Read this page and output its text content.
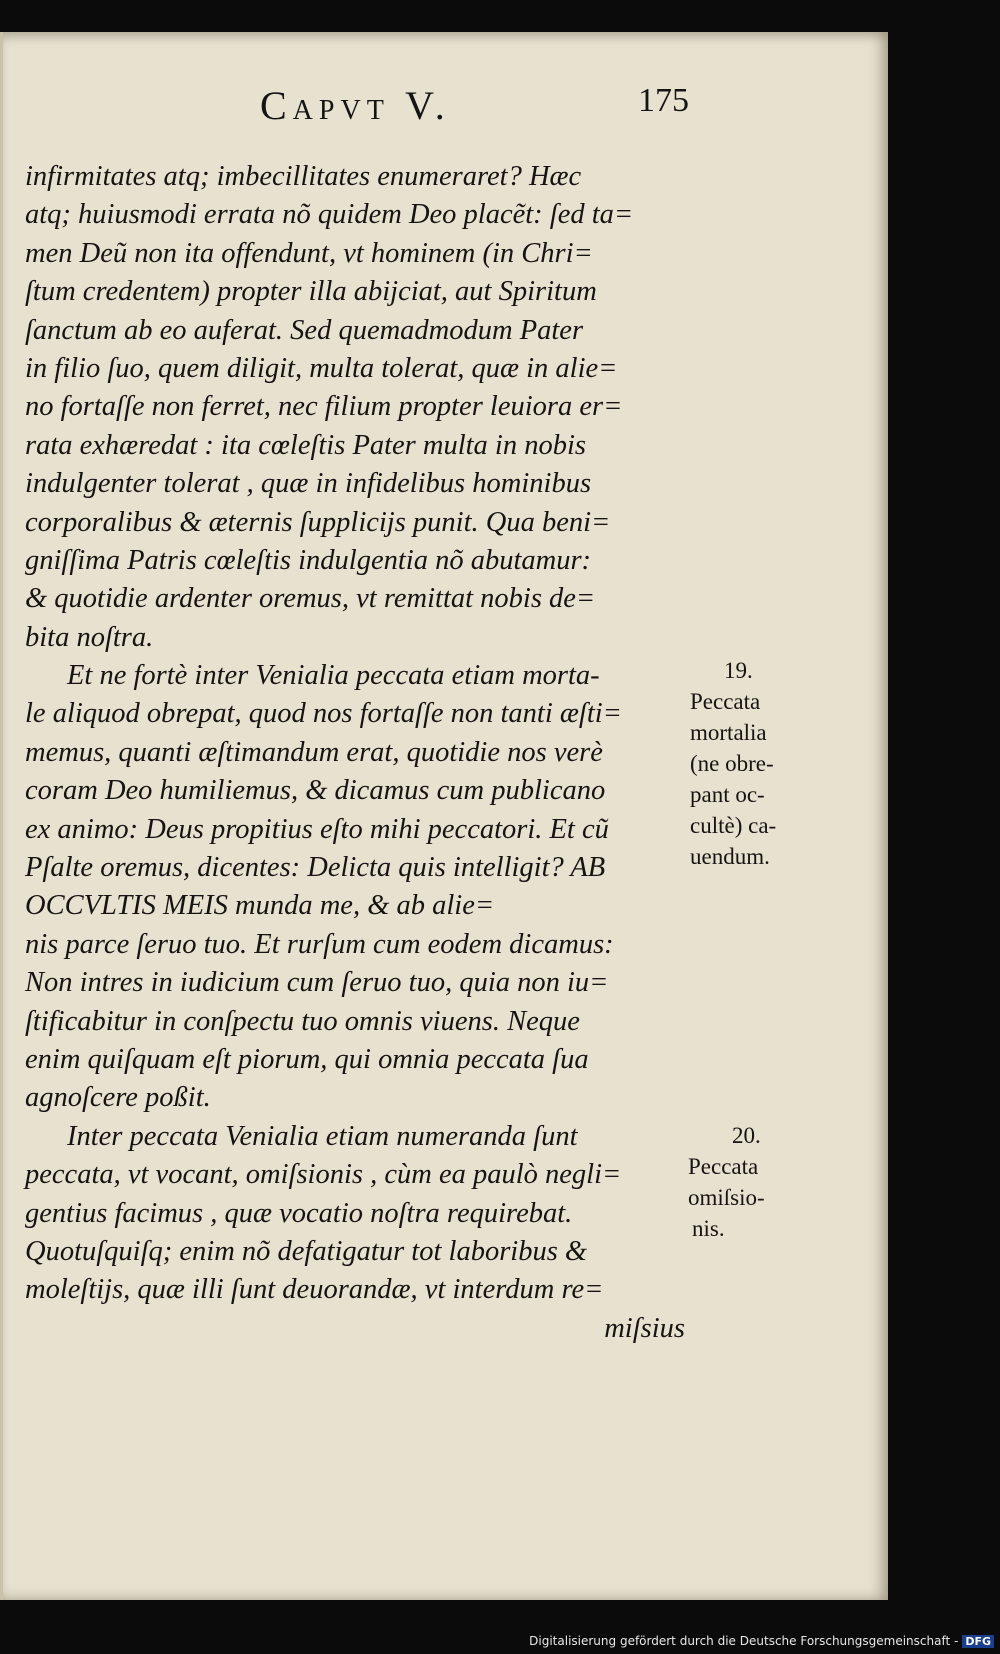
Capvt V.	175
infirmitates atq; imbecillitates enumeraret? Hæc
atq; huiusmodi errata nõ quidem Deo placẽt: ſed ta=
men Deũ non ita offendunt, vt hominem (in Chri=
ſtum credentem) propter illa abijciat, aut Spiritum
ſanctum ab eo auferat. Sed quemadmodum Pater
in filio ſuo, quem diligit, multa tolerat, quæ in alie=
no fortaſſe non ferret, nec filium propter leuiora er=
rata exhæredat : ita cœleſtis Pater multa in nobis
indulgenter tolerat , quæ in infidelibus hominibus
corporalibus & æternis ſupplicijs punit. Qua beni=
gniſſima Patris cœleſtis indulgentia nõ abutamur:
& quotidie ardenter oremus, vt remittat nobis de=
bita noſtra.
Et ne fortè inter Venialia peccata etiam morta-
le aliquod obrepat, quod nos fortaſſe non tanti æſti=
memus, quanti æſtimandum erat, quotidie nos verè
coram Deo humiliemus, & dicamus cum publicano
ex animo: Deus propitius eſto mihi peccatori. Et cũ
Pſalte oremus, dicentes: Delicta quis intelligit? AB
OCCVLTIS MEIS munda me, & ab alie=
nis parce ſeruo tuo. Et rurſum cum eodem dicamus:
Non intres in iudicium cum ſeruo tuo, quia non iu=
ſtificabitur in conſpectu tuo omnis viuens. Neque
enim quiſquam eſt piorum, qui omnia peccata ſua
agnoſcere poßit.
Inter peccata Venialia etiam numeranda ſunt
peccata, vt vocant, omiſsionis , cùm ea paulò negli=
gentius facimus , quæ vocatio noſtra requirebat.
Quotuſquiſq; enim nõ defatigatur tot laboribus &
moleſtijs, quæ illi ſunt deuorandæ, vt interdum re=
miſsius
19.
Peccata
mortalia
(ne obre-
pant oc-
cultè) ca-
uendum.
20.
Peccata
omiſsio-
nis.
Digitalisierung gefördert durch die Deutsche Forschungsgemeinschaft - DFG
